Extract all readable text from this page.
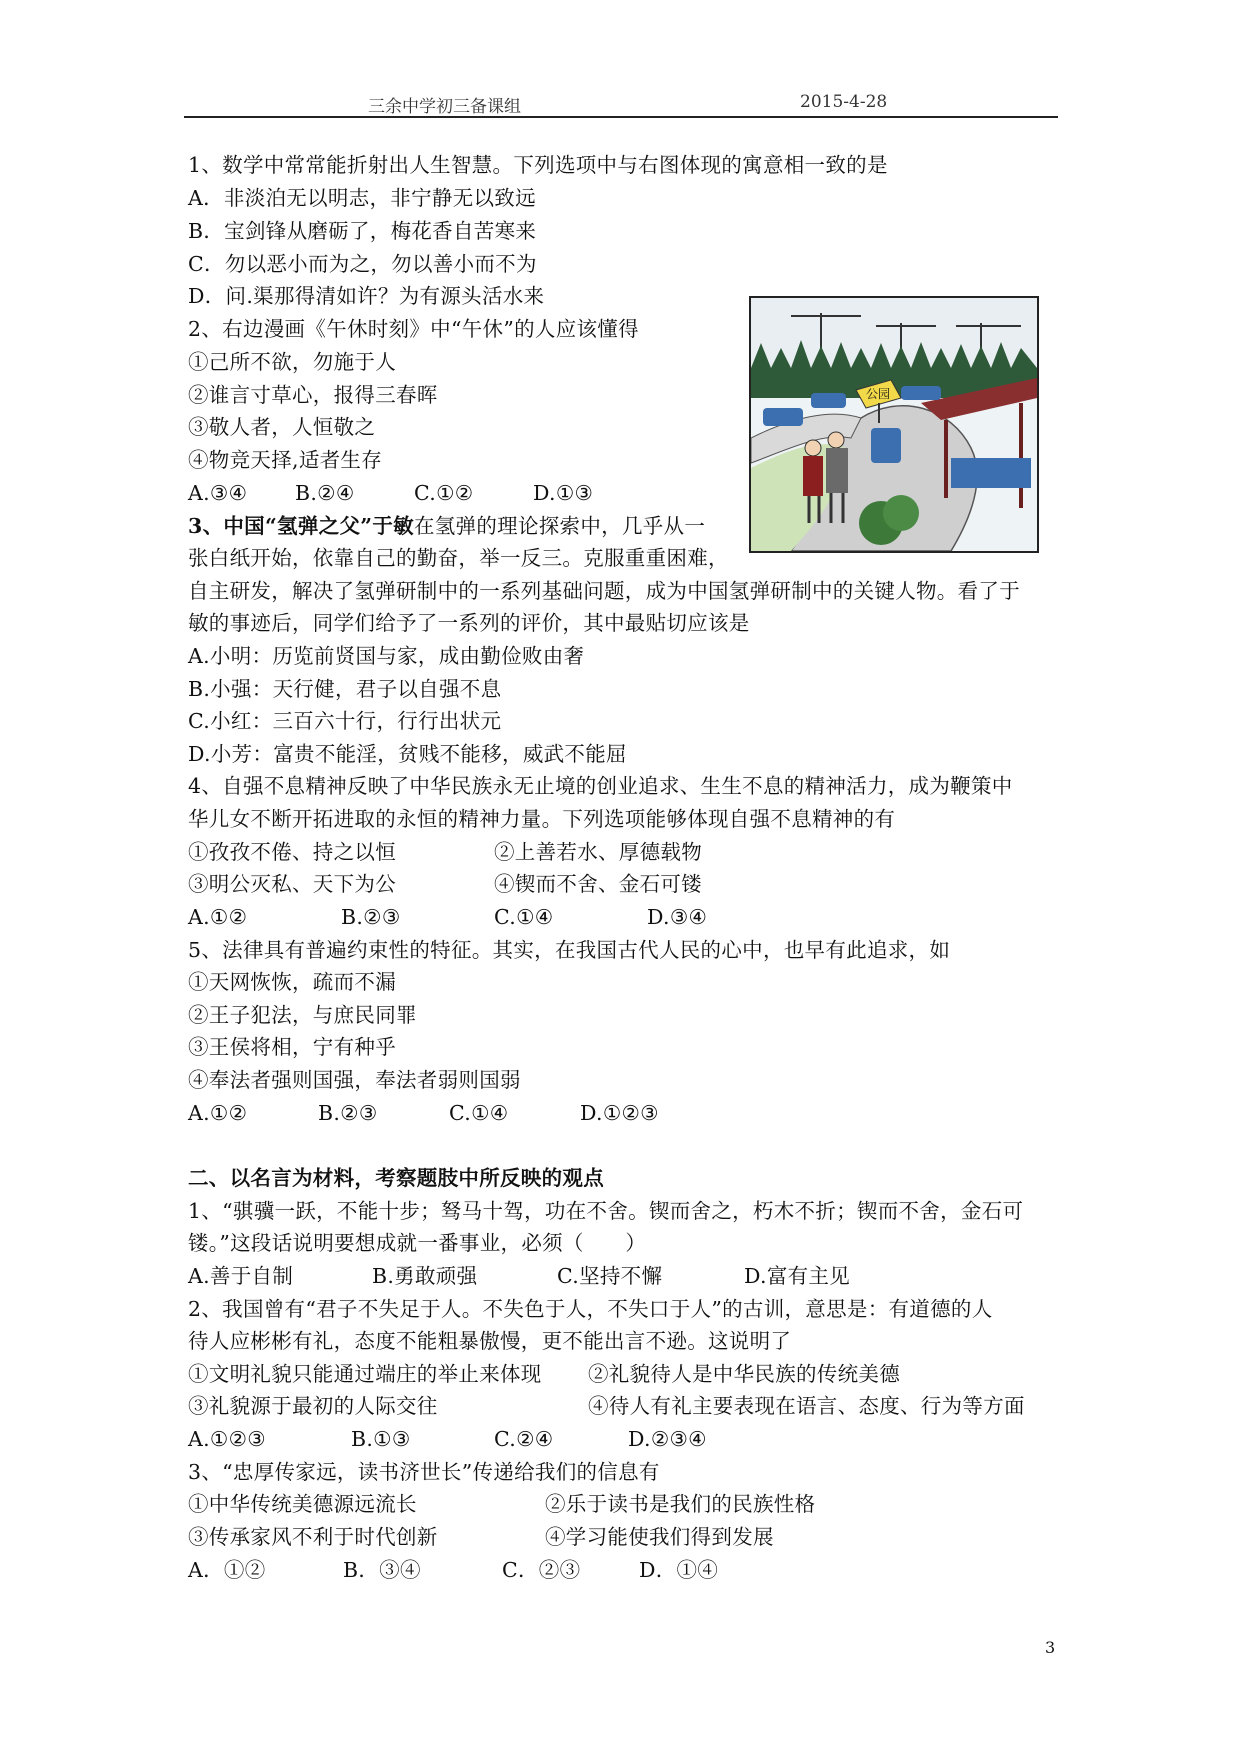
三余中学初三备课组	2015-4-28
1、数学中常常能折射出人生智慧。下列选项中与右图体现的寓意相一致的是
A．非淡泊无以明志，非宁静无以致远
B．宝剑锋从磨砺了，梅花香自苦寒来
C．勿以恶小而为之，勿以善小而不为
D．问.渠那得清如许？为有源头活水来
2、右边漫画《午休时刻》中“午休”的人应该懂得
①己所不欲，勿施于人
②谁言寸草心，报得三春晖
③敬人者，人恒敬之
④物竞天择,适者生存
A.③④ B.②④	C.①②	D.①③
公园
3、中国“氢弹之父”于敏在氢弹的理论探索中，几乎从一
张白纸开始，依靠自己的勤奋，举一反三。克服重重困难，
自主研发，解决了氢弹研制中的一系列基础问题，成为中国氢弹研制中的关键人物。看了于
敏的事迹后，同学们给予了一系列的评价，其中最贴切应该是
A.小明：历览前贤国与家，成由勤俭败由奢
B.小强：天行健，君子以自强不息
C.小红：三百六十行，行行出状元
D.小芳：富贵不能淫，贫贱不能移，威武不能屈
4、自强不息精神反映了中华民族永无止境的创业追求、生生不息的精神活力，成为鞭策中
华儿女不断开拓进取的永恒的精神力量。下列选项能够体现自强不息精神的有
①孜孜不倦、持之以恒	②上善若水、厚德载物
③明公灭私、天下为公	④锲而不舍、金石可镂
A.①②	B.②③	C.①④	D.③④
5、法律具有普遍约束性的特征。其实，在我国古代人民的心中，也早有此追求，如
①天网恢恢，疏而不漏
②王子犯法，与庶民同罪
③王侯将相，宁有种乎
④奉法者强则国强，奉法者弱则国弱
A.①②	B.②③	C.①④	D.①②③
二、以名言为材料，考察题肢中所反映的观点
1、“骐骥一跃，不能十步；驽马十驾，功在不舍。锲而舍之，朽木不折；锲而不舍，金石可
镂。”这段话说明要想成就一番事业，必须（　　）
A.善于自制	B.勇敢顽强	C.坚持不懈	D.富有主见
2、我国曾有“君子不失足于人。不失色于人，不失口于人”的古训，意思是：有道德的人
待人应彬彬有礼，态度不能粗暴傲慢，更不能出言不逊。这说明了
①文明礼貌只能通过端庄的举止来体现 ②礼貌待人是中华民族的传统美德
③礼貌源于最初的人际交往	④待人有礼主要表现在语言、态度、行为等方面
A.①②③	B.①③	C.②④	D.②③④
3、“忠厚传家远，读书济世长”传递给我们的信息有
①中华传统美德源远流长	②乐于读书是我们的民族性格
③传承家风不利于时代创新	④学习能使我们得到发展
A．①②	B．③④	C．②③	D．①④
3
